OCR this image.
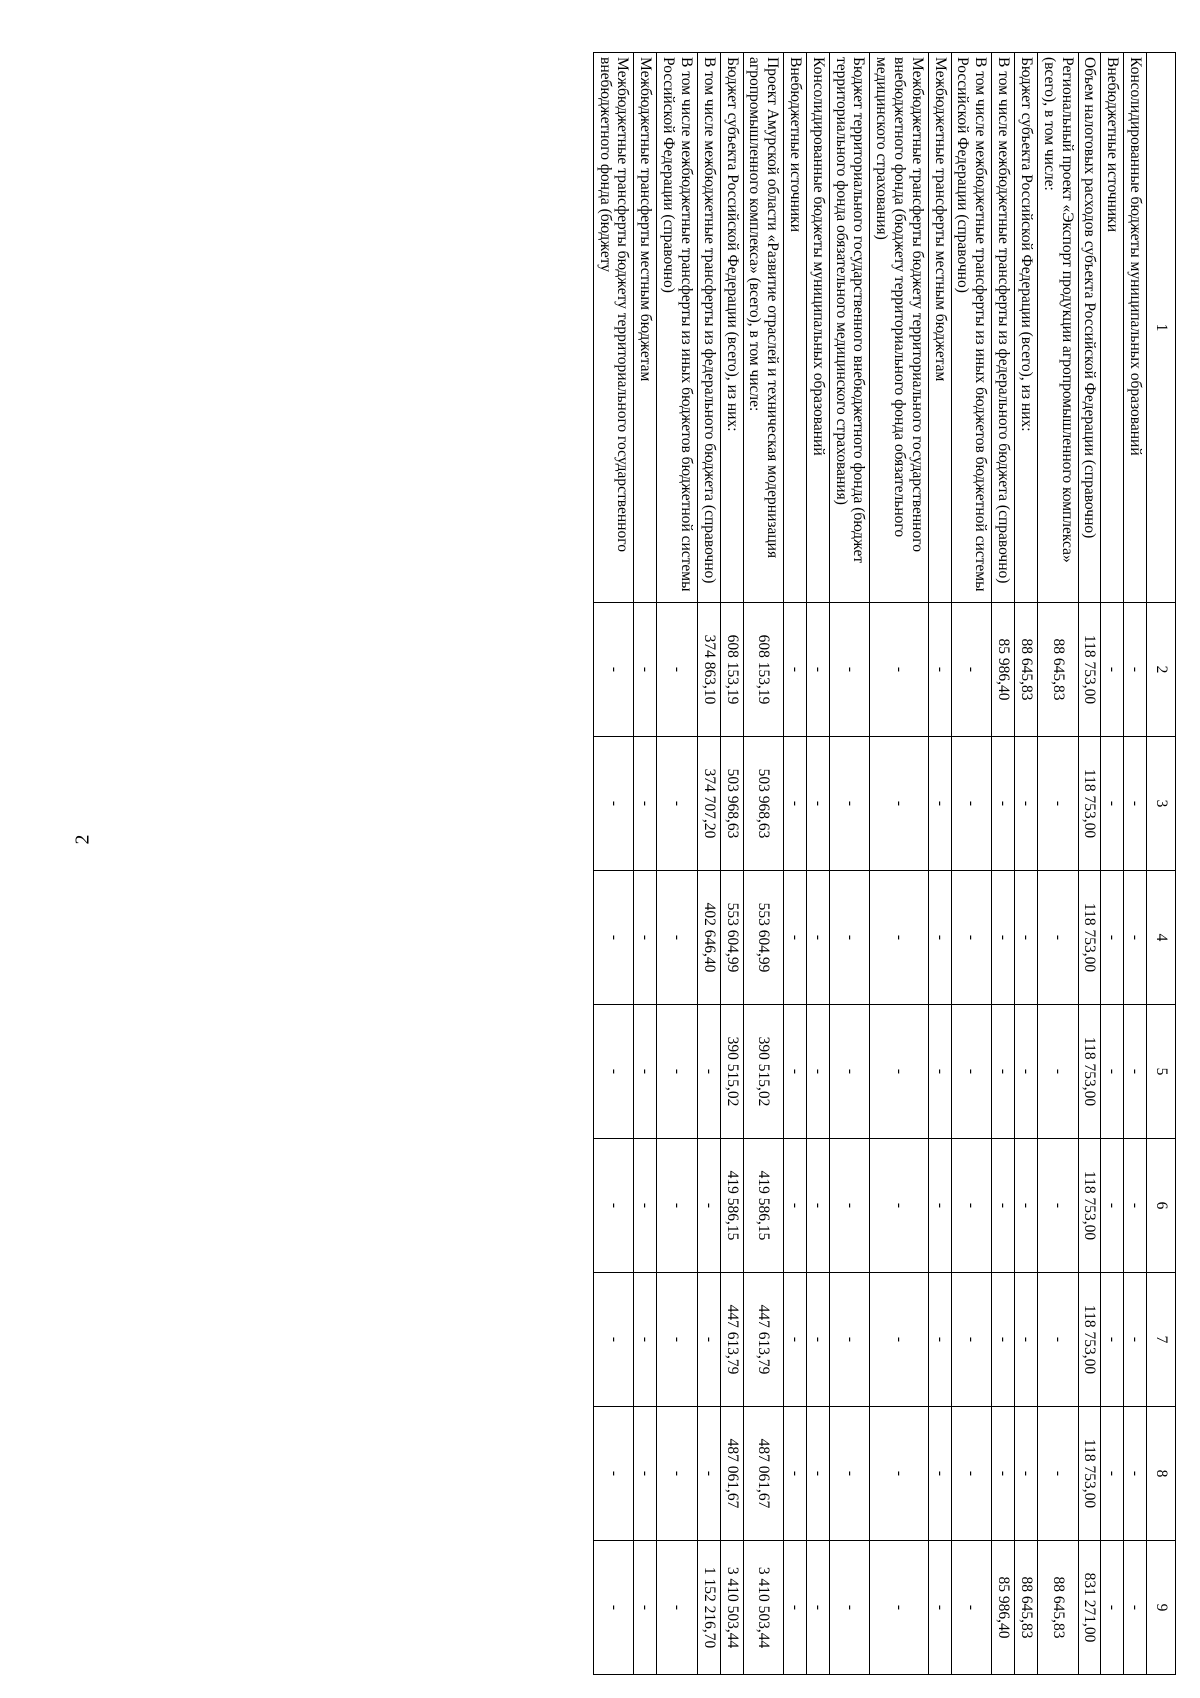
2
1	2	3	4	5	6	7	8	9
Консолидированные бюджеты муниципальных образований	-	-	-	-	-	-	-	-
Внебюджетные источники	-	-	-	-	-	-	-	-
Объем налоговых расходов субъекта Российской Федерации (справочно)	118 753,00	118 753,00	118 753,00	118 753,00	118 753,00	118 753,00	118 753,00	831 271,00
Региональный проект «Экспорт продукции агропромышленного комплекса» (всего), в том числе:	88 645,83	-	-	-	-	-	-	88 645,83
Бюджет субъекта Российской Федерации (всего), из них:	88 645,83	-	-	-	-	-	-	88 645,83
В том числе межбюджетные трансферты из федерального бюджета (справочно)	85 986,40	-	-	-	-	-	-	85 986,40
В том числе межбюджетные трансферты из иных бюджетов бюджетной системы Российской Федерации (справочно)	-	-	-	-	-	-	-	-
Межбюджетные трансферты местным бюджетам	-	-	-	-	-	-	-	-
Межбюджетные трансферты бюджету территориального государственного внебюджетного фонда (бюджету территориального фонда обязательного медицинского страхования)	-	-	-	-	-	-	-	-
Бюджет территориального государственного внебюджетного фонда (бюджет территориального фонда обязательного медицинского страхования)	-	-	-	-	-	-	-	-
Консолидированные бюджеты муниципальных образований	-	-	-	-	-	-	-	-
Внебюджетные источники	-	-	-	-	-	-	-	-
Проект Амурской области «Развитие отраслей и техническая модернизация агропромышленного комплекса» (всего), в том числе:	608 153,19	503 968,63	553 604,99	390 515,02	419 586,15	447 613,79	487 061,67	3 410 503,44
Бюджет субъекта Российской Федерации (всего), из них:	608 153,19	503 968,63	553 604,99	390 515,02	419 586,15	447 613,79	487 061,67	3 410 503,44
В том числе межбюджетные трансферты из федерального бюджета (справочно)	374 863,10	374 707,20	402 646,40	-	-	-	-	1 152 216,70
В том числе межбюджетные трансферты из иных бюджетов бюджетной системы Российской Федерации (справочно)	-	-	-	-	-	-	-	-
Межбюджетные трансферты местным бюджетам	-	-	-	-	-	-	-	-
Межбюджетные трансферты бюджету территориального государственного внебюджетного фонда (бюджету	-	-	-	-	-	-	-	-
